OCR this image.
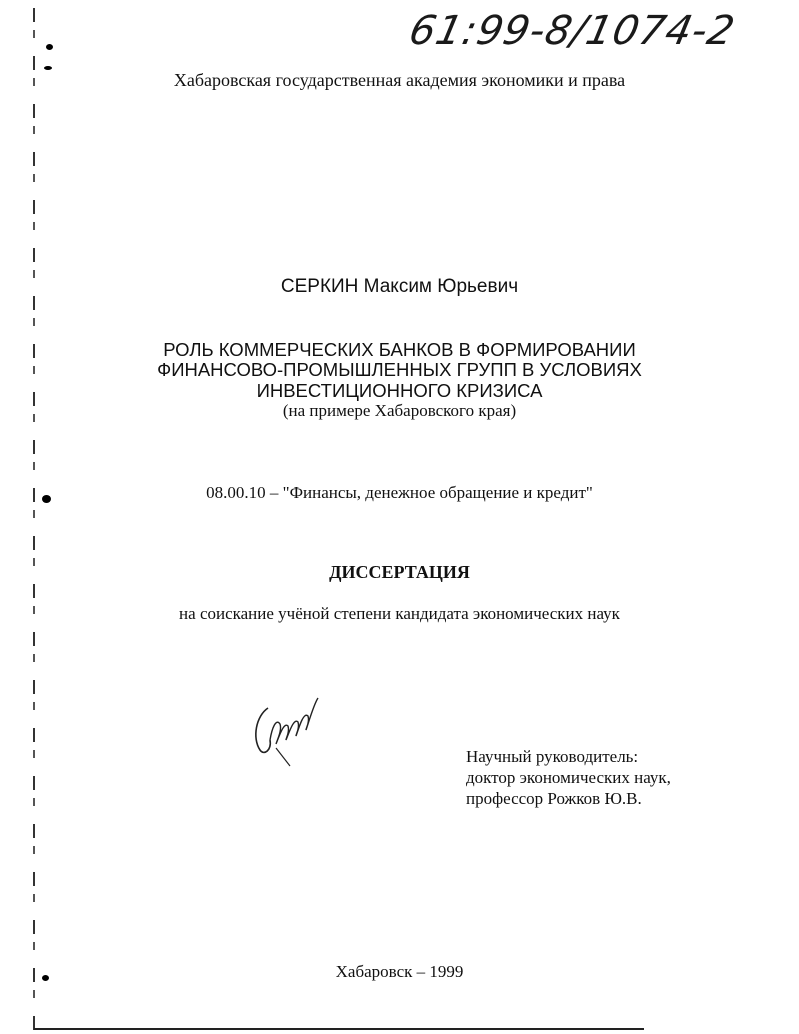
61:99-8/1074-2
Хабаровская государственная академия экономики и права
СЕРКИН Максим Юрьевич
РОЛЬ КОММЕРЧЕСКИХ БАНКОВ В ФОРМИРОВАНИИ
ФИНАНСОВО-ПРОМЫШЛЕННЫХ ГРУПП В УСЛОВИЯХ
ИНВЕСТИЦИОННОГО КРИЗИСА
(на примере Хабаровского края)
08.00.10 – "Финансы, денежное обращение и кредит"
ДИССЕРТАЦИЯ
на соискание учёной степени кандидата экономических наук
Научный руководитель:
доктор экономических наук,
профессор Рожков Ю.В.
Хабаровск – 1999
